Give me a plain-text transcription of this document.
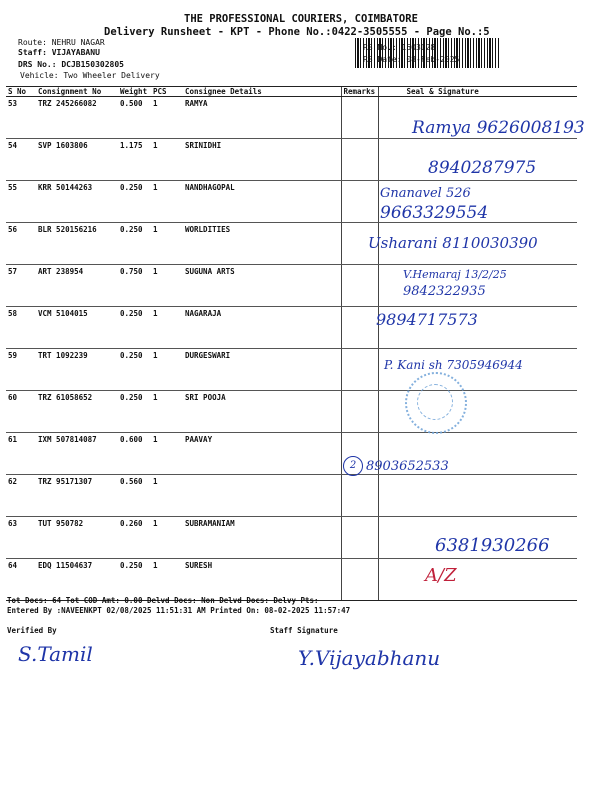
THE PROFESSIONAL COURIERS, COIMBATORE
Delivery Runsheet - KPT - Phone No.:0422-3505555 - Page No.:5
Route: NEHRU NAGAR
Staff: VIJAYABANU
DRS No.: DCJB150302805
Vehicle: Two Wheeler Delivery
RS No.: 1503028
RS Date: 08-Feb-2025
S No	Consignment No	Weight	PCS	Consignee Details	Remarks	Seal & Signature
53	TRZ 245266082	0.500	1	RAMYA		
54	SVP 1603806	1.175	1	SRINIDHI		
55	KRR 50144263	0.250	1	NANDHAGOPAL		
56	BLR 520156216	0.250	1	WORLDITIES		
57	ART 238954	0.750	1	SUGUNA ARTS		
58	VCM 5104015	0.250	1	NAGARAJA		
59	TRT 1092239	0.250	1	DURGESWARI		
60	TRZ 61058652	0.250	1	SRI POOJA		
61	IXM 507814087	0.600	1	PAAVAY		
62	TRZ 95171307	0.560	1			
63	TUT 950782	0.260	1	SUBRAMANIAM		
64	EDQ 11504637	0.250	1	SURESH		
Ramya 9626008193
8940287975
Gnanavel 526
9663329554
Usharani 8110030390
V.Hemaraj 13/2/25
9842322935
9894717573
P. Kani sh 7305946944
2 8903652533
6381930266
A/Z
Tot Docs: 64 Tot COD Amt: 0.00 Delvd Docs: Non Delvd Docs: Delvy Pts:
Entered By :NAVEENKPT 02/08/2025 11:51:31 AM Printed On: 08-02-2025 11:57:47
Verified By	Staff Signature
S.Tamil	Y.Vijayabhanu
